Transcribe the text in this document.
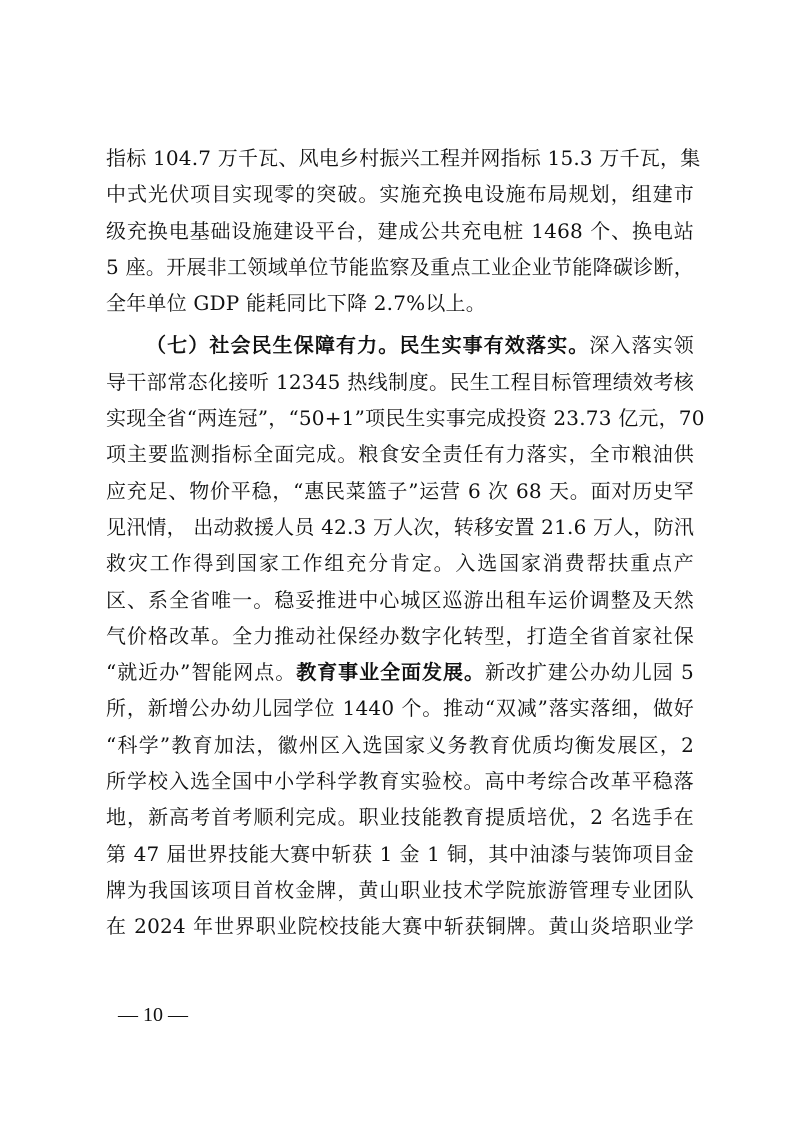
指标 104.7 万千瓦、风电乡村振兴工程并网指标 15.3 万千瓦，集
中式光伏项目实现零的突破。实施充换电设施布局规划，组建市
级充换电基础设施建设平台，建成公共充电桩 1468 个、换电站
5 座。开展非工领域单位节能监察及重点工业企业节能降碳诊断，
全年单位 GDP 能耗同比下降 2.7%以上。
（七）社会民生保障有力。民生实事有效落实。深入落实领
导干部常态化接听 12345 热线制度。民生工程目标管理绩效考核
实现全省“两连冠”，“50+1”项民生实事完成投资 23.73 亿元，70
项主要监测指标全面完成。粮食安全责任有力落实，全市粮油供
应充足、物价平稳，“惠民菜篮子”运营 6 次 68 天。面对历史罕
见汛情， 出动救援人员 42.3 万人次，转移安置 21.6 万人，防汛
救灾工作得到国家工作组充分肯定。入选国家消费帮扶重点产
区、系全省唯一。稳妥推进中心城区巡游出租车运价调整及天然
气价格改革。全力推动社保经办数字化转型，打造全省首家社保
“就近办”智能网点。教育事业全面发展。新改扩建公办幼儿园 5
所，新增公办幼儿园学位 1440 个。推动“双减”落实落细，做好
“科学”教育加法，徽州区入选国家义务教育优质均衡发展区，2
所学校入选全国中小学科学教育实验校。高中考综合改革平稳落
地，新高考首考顺利完成。职业技能教育提质培优，2 名选手在
第 47 届世界技能大赛中斩获 1 金 1 铜，其中油漆与装饰项目金
牌为我国该项目首枚金牌，黄山职业技术学院旅游管理专业团队
在 2024 年世界职业院校技能大赛中斩获铜牌。黄山炎培职业学
— 10 —
